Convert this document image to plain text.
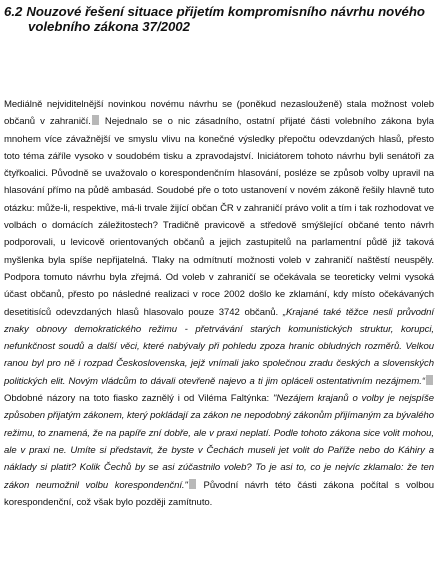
6.2 Nouzové řešení situace přijetím kompromisního návrhu nového
volebního zákona 37/2002

Mediálně nejviditelnější novinkou novému návrhu se (poněkud nezaslouženě) stala možnost voleb občanů v zahraničí. Nejednalo se o nic zásadního, ostatní přijaté části volebního zákona byla mnohem více závažnější ve smyslu vlivu na konečné výsledky přepočtu odevzdaných hlasů, přesto toto téma záříle vysoko v soudobém tisku a zpravodajství. Iniciátorem tohoto návrhu byli senátoři za čtyřkoalici. Původně se uvažovalo o korespondenčním hlasování, posléze se způsob volby upravil na hlasování přímo na půdě ambasád. Soudobé pře o toto ustanovení v novém zákoně řešily hlavně tuto otázku: může-li, respektive, má-li trvale žijící občan ČR v zahraničí právo volit a tím i tak rozhodovat ve volbách o domácích záležitostech? Tradičně pravicově a středově smýšlející občané tento návrh podporovali, u levicově orientovaných občanů a jejich zastupitelů na parlamentní půdě již taková myšlenka byla spíše nepřijatelná. Tlaky na odmítnutí možnosti voleb v zahraničí naštěstí neuspěly. Podpora tomuto návrhu byla zřejmá. Od voleb v zahraničí se očekávala se teoreticky velmi vysoká účast občanů, přesto po následné realizaci v roce 2002 došlo ke zklamání, kdy místo očekávaných desetitisíců odevzdaných hlasů hlasovalo pouze 3742 občanů. „Krajané také těžce nesli průvodní znaky obnovy demokratického režimu - přetrvávání starých komunistických struktur, korupci, nefunkčnost soudů a další věci, které nabývaly při pohledu zpoza hranic obludných rozměrů. Velkou ranou byl pro ně i rozpad Československa, jejž vnímali jako společnou zradu českých a slovenských politických elit. Novým vládcům to dávali otevřeně najevo a ti jim opláceli ostentativním nezájmem.“ Obdobné názory na toto fiasko zaznělý i od Viléma Faltýnka: "Nezájem krajanů o volby je nejspíše způsoben přijatým zákonem, který pokládají za zákon ne nepodobný zákonům přijímaným za bývalého režimu, to znamená, že na papíře zní dobře, ale v praxi neplatí. Podle tohoto zákona sice volit mohou, ale v praxi ne. Umíte si představit, že byste v Čechách museli jet volit do Paříže nebo do Káhiry a náklady si platit? Kolik Čechů by se asi zúčastnilo voleb? To je asi to, co je nejvíc zklamalo: že ten zákon neumožnil volbu korespondenční." Původní návrh této části zákona počítal s volbou korespondenční, což však bylo později zamítnuto.
